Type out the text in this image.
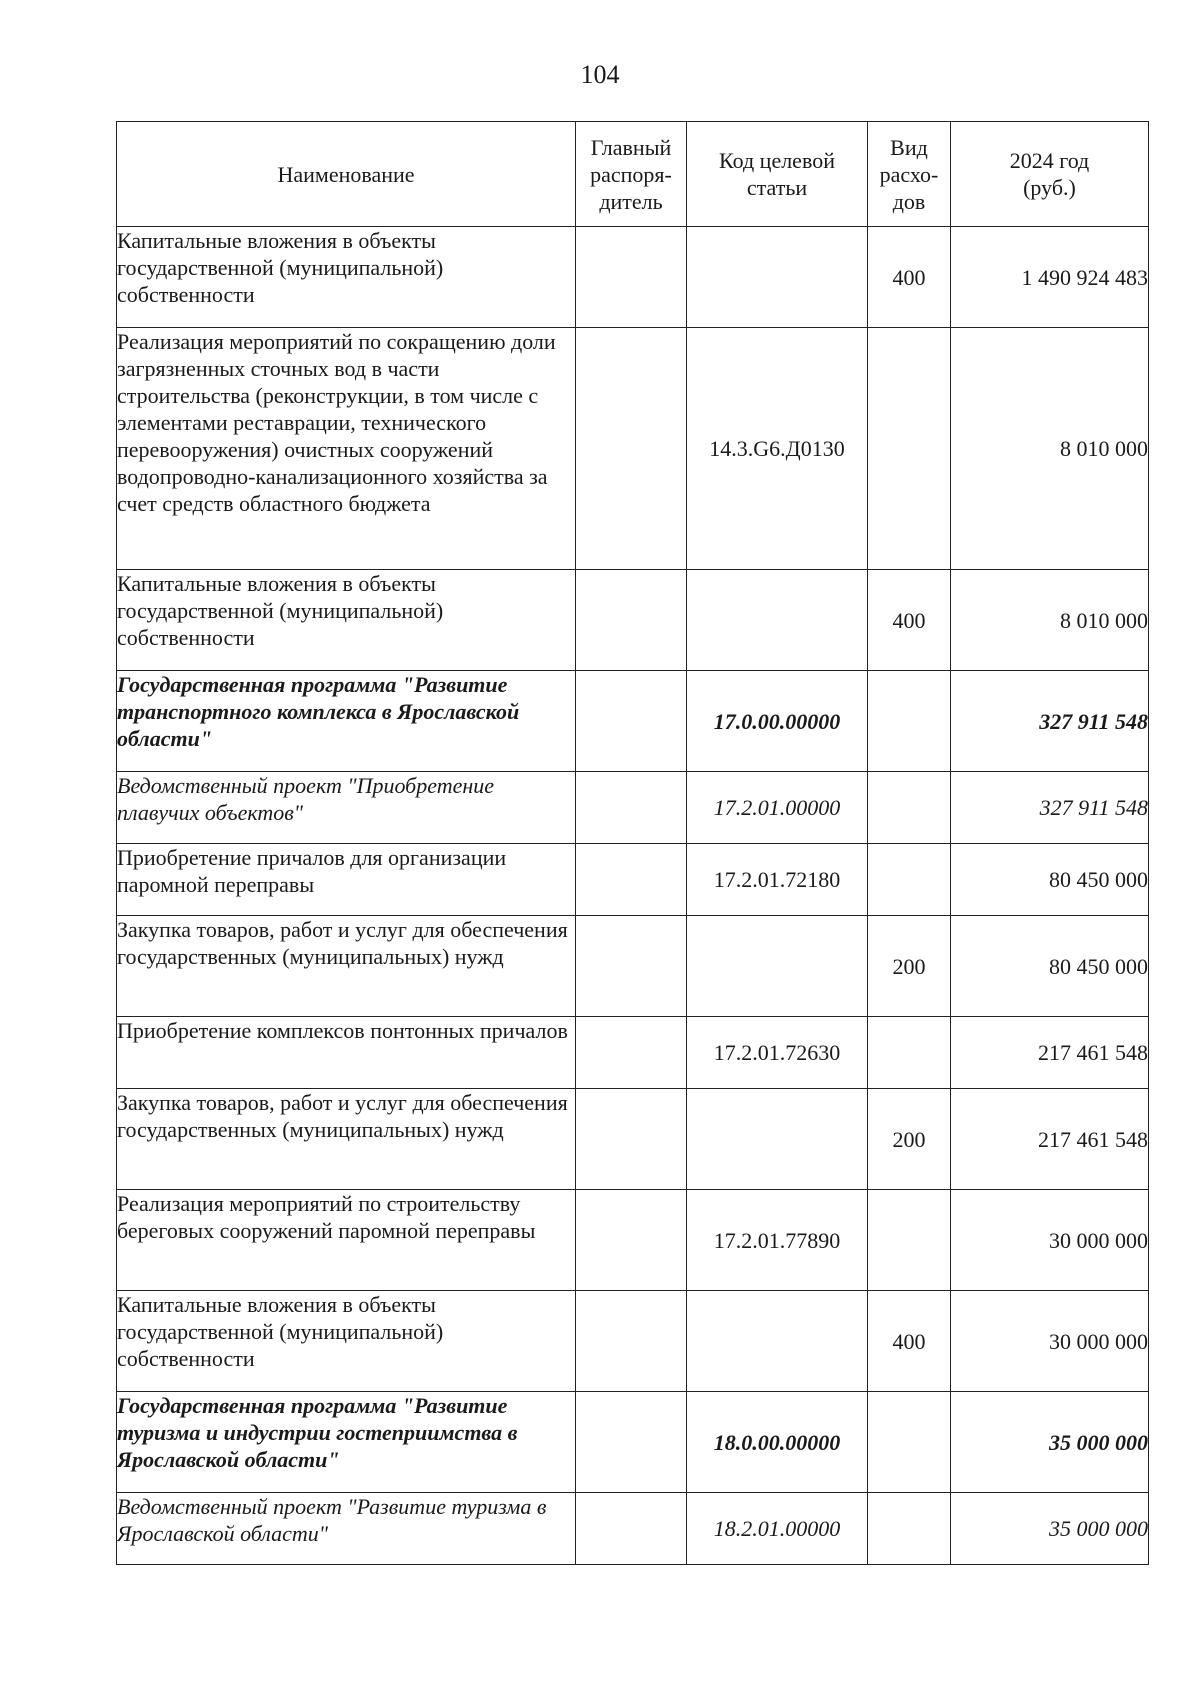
104
Наименование	Главный распоря-дитель	Код целевой статьи	Вид расхо-дов	2024 год (руб.)
Капитальные вложения в объекты государственной (муниципальной) собственности			400	1 490 924 483
Реализация мероприятий по сокращению доли загрязненных сточных вод в части строительства (реконструкции, в том числе с элементами реставрации, технического перевооружения) очистных сооружений водопроводно-канализационного хозяйства за счет средств областного бюджета		14.3.G6.Д0130		8 010 000
Капитальные вложения в объекты государственной (муниципальной) собственности			400	8 010 000
Государственная программа "Развитие транспортного комплекса в Ярославской области"		17.0.00.00000		327 911 548
Ведомственный проект "Приобретение плавучих объектов"		17.2.01.00000		327 911 548
Приобретение причалов для организации паромной переправы		17.2.01.72180		80 450 000
Закупка товаров, работ и услуг для обеспечения государственных (муниципальных) нужд			200	80 450 000
Приобретение комплексов понтонных причалов		17.2.01.72630		217 461 548
Закупка товаров, работ и услуг для обеспечения государственных (муниципальных) нужд			200	217 461 548
Реализация мероприятий по строительству береговых сооружений паромной переправы		17.2.01.77890		30 000 000
Капитальные вложения в объекты государственной (муниципальной) собственности			400	30 000 000
Государственная программа "Развитие туризма и индустрии гостеприимства в Ярославской области"		18.0.00.00000		35 000 000
Ведомственный проект "Развитие туризма в Ярославской области"		18.2.01.00000		35 000 000
